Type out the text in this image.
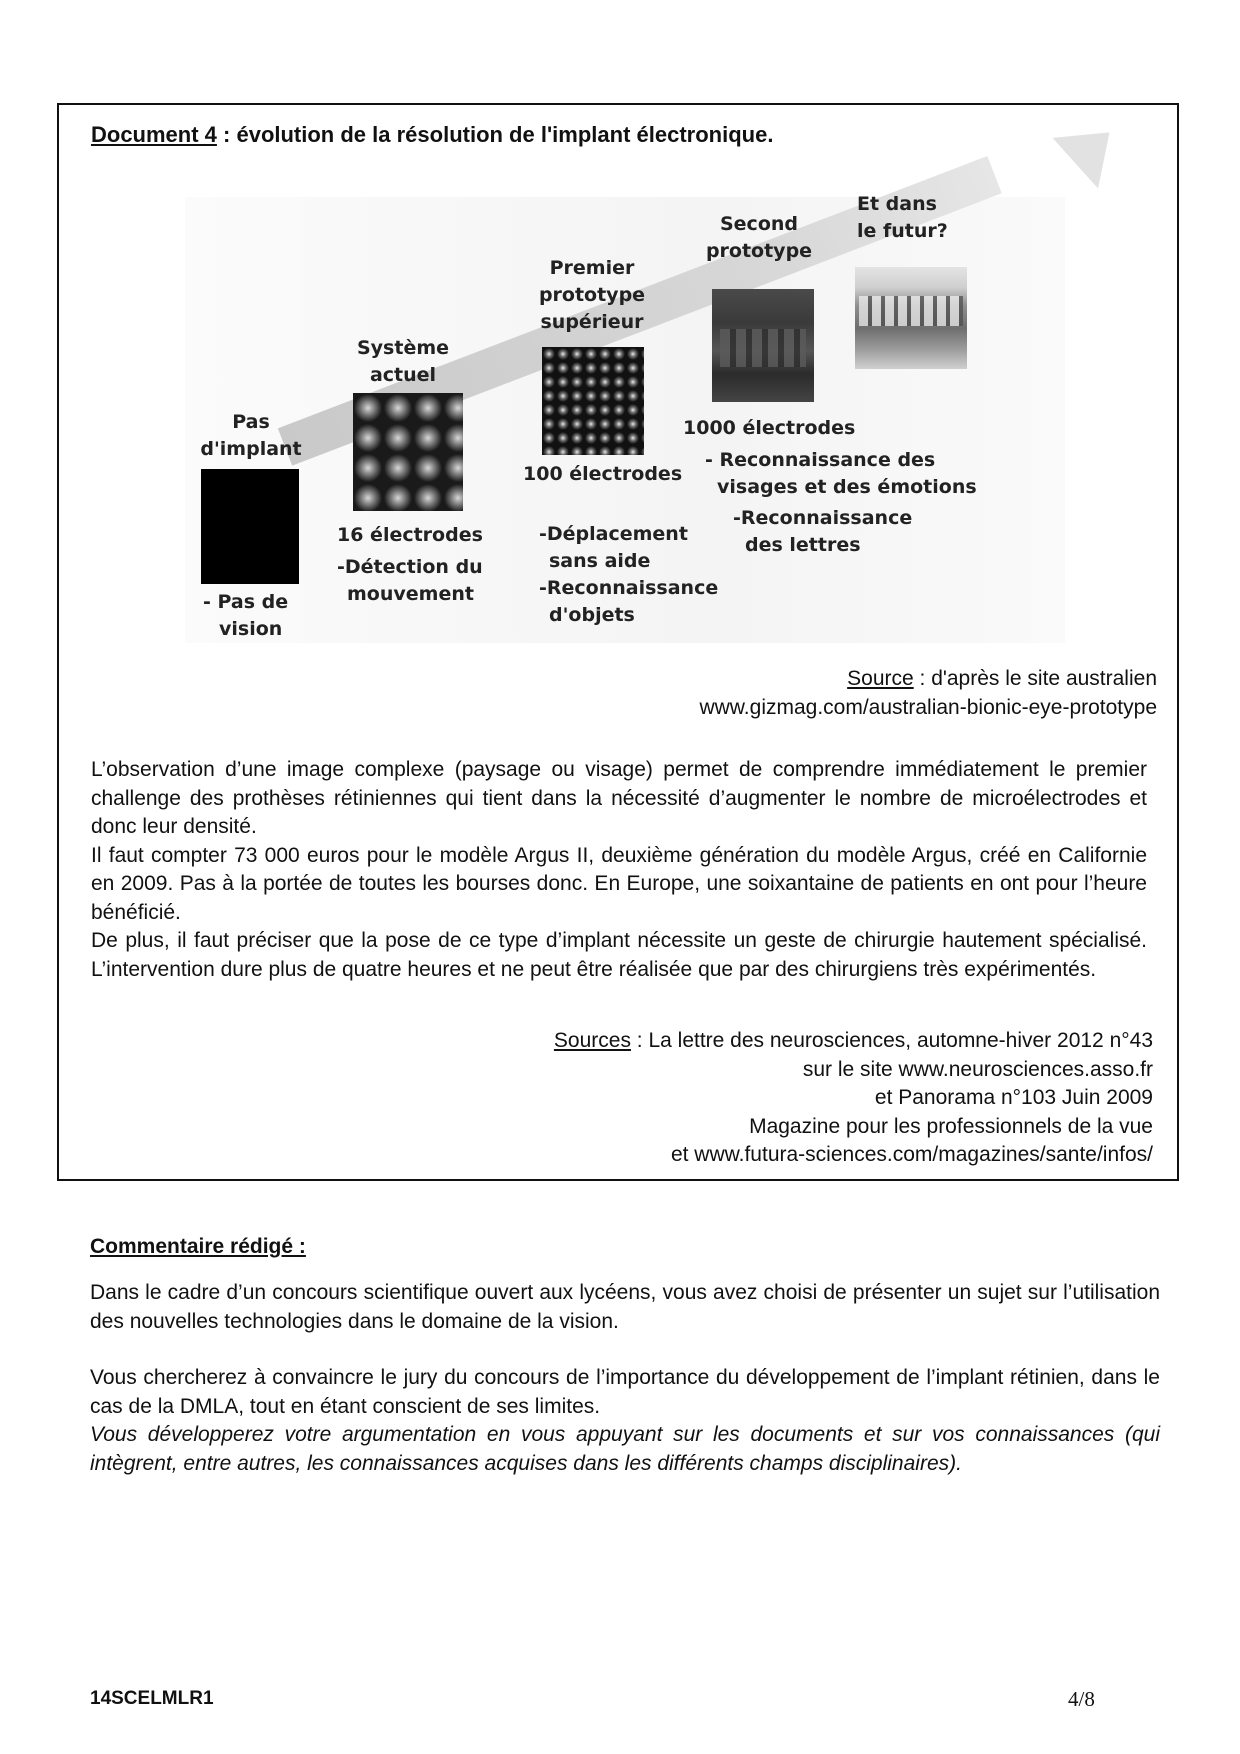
Document 4 : évolution de la résolution de l'implant électronique.
Pas
d'implant
- Pas de
vision
Système
actuel
16 électrodes
-Détection du
mouvement
Premier
prototype
supérieur
100 électrodes
-Déplacement
sans aide
-Reconnaissance
d'objets
Second
prototype
1000 électrodes
- Reconnaissance des
visages et des émotions
-Reconnaissance
des lettres
Et dans
le futur?
Source : d'après le site australien
www.gizmag.com/australian-bionic-eye-prototype

L’observation d’une image complexe (paysage ou visage) permet de comprendre immédiatement le premier challenge des prothèses rétiniennes qui tient dans la nécessité d’augmenter le nombre de microélectrodes et donc leur densité.

Il faut compter 73 000 euros pour le modèle Argus II, deuxième génération du modèle Argus, créé en Californie en 2009. Pas à la portée de toutes les bourses donc. En Europe, une soixantaine de patients en ont pour l’heure bénéficié.

De plus, il faut préciser que la pose de ce type d’implant nécessite un geste de chirurgie hautement spécialisé. L’intervention dure plus de quatre heures et ne peut être réalisée que par des chirurgiens très expérimentés.

Sources : La lettre des neurosciences, automne-hiver 2012 n°43
sur le site www.neurosciences.asso.fr
et Panorama n°103 Juin 2009
Magazine pour les professionnels de la vue
et www.futura-sciences.com/magazines/sante/infos/
Commentaire rédigé :

Dans le cadre d’un concours scientifique ouvert aux lycéens, vous avez choisi de présenter un sujet sur l’utilisation des nouvelles technologies dans le domaine de la vision.

Vous chercherez à convaincre le jury du concours de l’importance du développement de l’implant rétinien, dans le cas de la DMLA, tout en étant conscient de ses limites.

Vous développerez votre argumentation en vous appuyant sur les documents et sur vos connaissances (qui intègrent, entre autres, les connaissances acquises dans les différents champs disciplinaires).

14SCELMLR1	4/8
